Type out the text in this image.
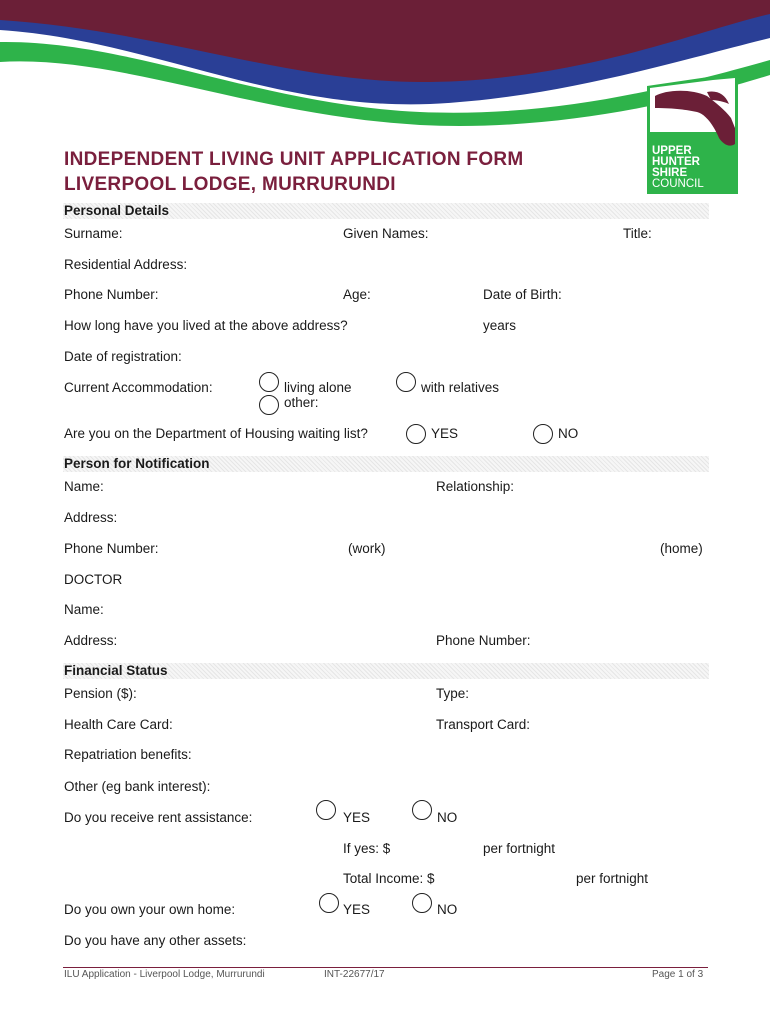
UPPER
HUNTER
SHIRE
COUNCIL
INDEPENDENT LIVING UNIT APPLICATION FORM
LIVERPOOL LODGE, MURRURUNDI
Personal Details
Surname:	Given Names:	Title:
Residential Address:
Phone Number:	Age:	Date of Birth:
How long have you lived at the above address?	years
Date of registration:
Current Accommodation:	living alone	with relatives
other:
Are you on the Department of Housing waiting list?	YES	NO
Person for Notification
Name:	Relationship:
Address:
Phone Number:	(work)	(home)
DOCTOR
Name:
Address:	Phone Number:
Financial Status
Pension ($):	Type:
Health Care Card:	Transport Card:
Repatriation benefits:
Other (eg bank interest):
Do you receive rent assistance:	YES	NO
If yes: $	per fortnight
Total Income: $	per fortnight
Do you own your own home:	YES	NO
Do you have any other assets:
ILU Application - Liverpool Lodge, Murrurundi	INT-22677/17	Page 1 of 3
